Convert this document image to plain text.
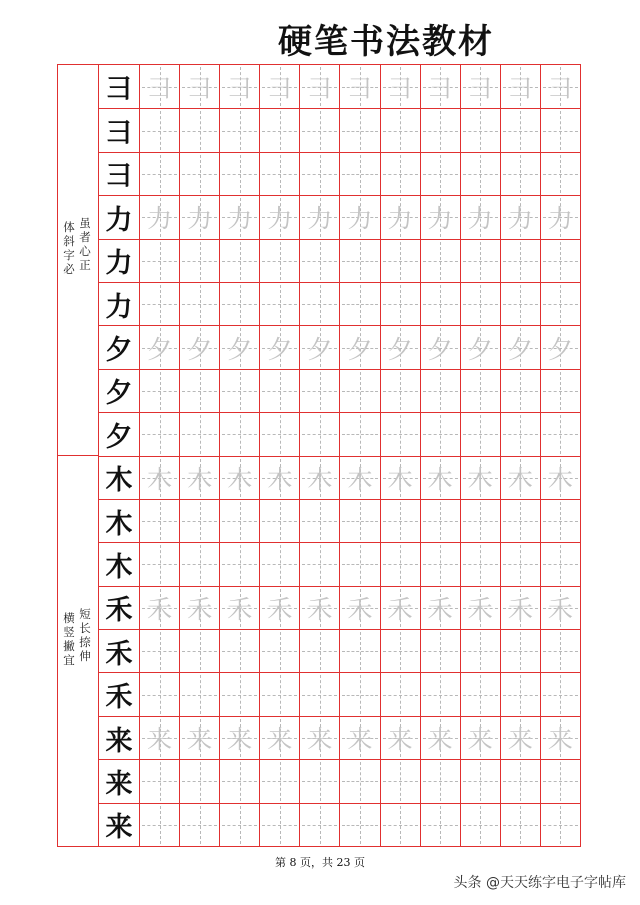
硬笔书法教材
虽
者
心
正
体
斜
字
必
短
长
捺
伸
横
竖
撇
宜
彐 彐 彐 彐 彐 彐 彐 彐 彐 彐 彐 彐
彐
彐
力 力 力 力 力 力 力 力 力 力 力 力
力
力
夕 夕 夕 夕 夕 夕 夕 夕 夕 夕 夕 夕
夕
夕
木 木 木 木 木 木 木 木 木 木 木 木
木
木
禾 禾 禾 禾 禾 禾 禾 禾 禾 禾 禾 禾
禾
禾
来 来 来 来 来 来 来 来 来 来 来 来
来
来
第 8 页，共 23 页
头条 @天天练字电子字帖库
